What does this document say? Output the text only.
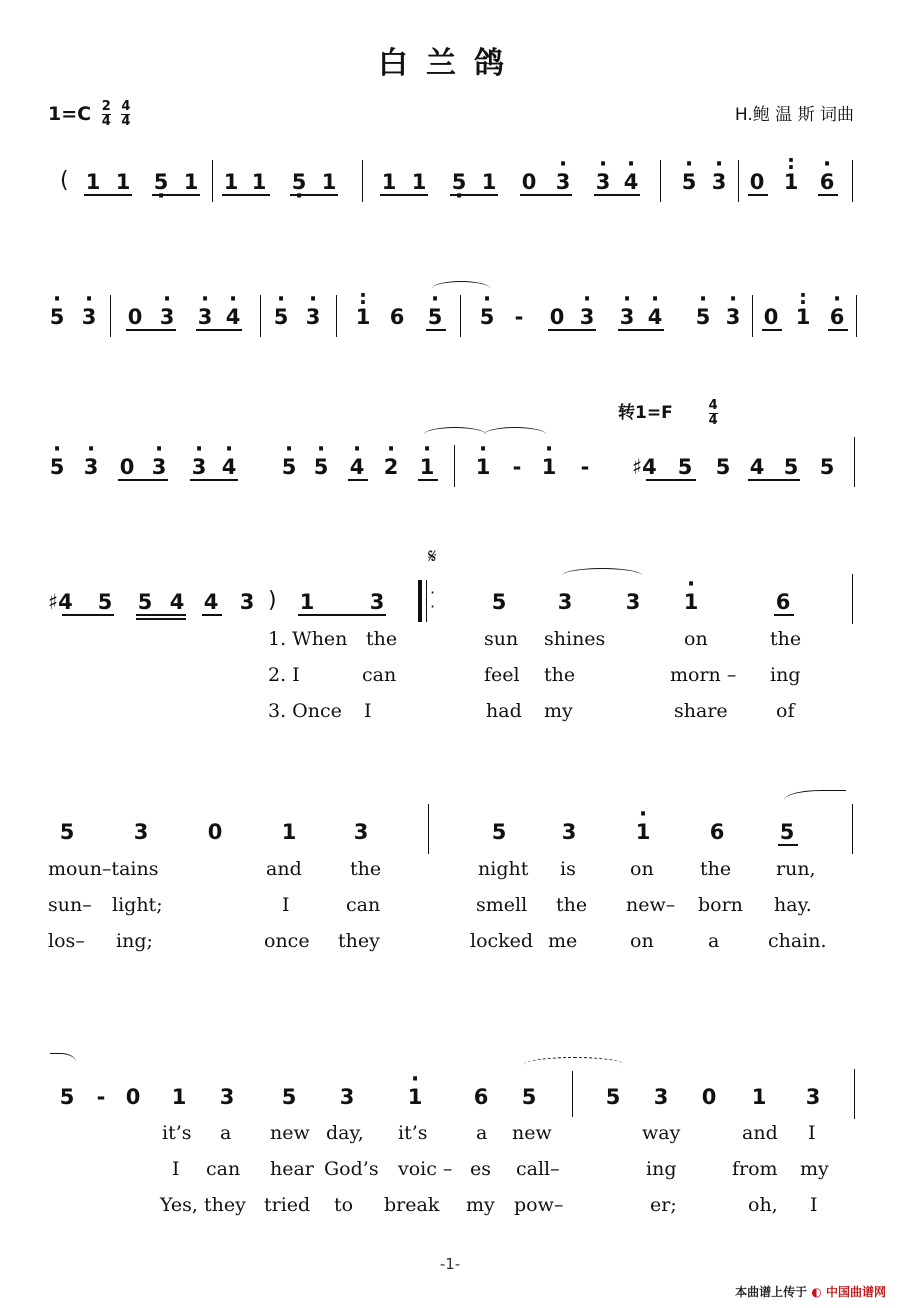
白兰鸽
$1=C \frac{2}{4}$
$\frac{4}{4}$	H.鲍 温 斯 词曲
( 1 1 5 · 1 1 1 5 · 1 1 1 5 · 1 0 · 3 · 3 · 4 · 5 · 3 0 : 1 · 6
· 5 · 3 0 · 3 · 3 · 4 · 5 · 3 : 1 6 · 5 · 5 - 0 · 3 · 3 · 4 · 5 · 3 0 : 1 · 6
转1=F	$\frac{4}{4}$
· 5 · 3 0 · 3 · 3 · 4 · 5 · 5 · 4 · 2 · 1 · 1 - · 1 - ♯4 5 5 4 5 5
𝄋
♯4 5 5 4 4 3 ) 1	3	·
·	5 3	3 · 1	6
1. When the	sun shines	on	the
2. I	can	feel the	morn – ing
3. Once I	had my	share	of
5	3	0	1	3	5	3	· 1	6	5
moun–tains	and	the	night is	on the run,
sun– light;	I	can	smell the new– born hay.
los– ing;	once they	locked me	on	a	chain.
5 - 0 1 3 5 3	· 1 6 5	5 3 0 1 3
it’s a new day, it’s	a new	way	and I
I can hear God’s voic – es call–	ing	from my
Yes, they tried to break my pow–	er;	oh, I
-1-
本曲谱上传于 ◐ 中国曲谱网
